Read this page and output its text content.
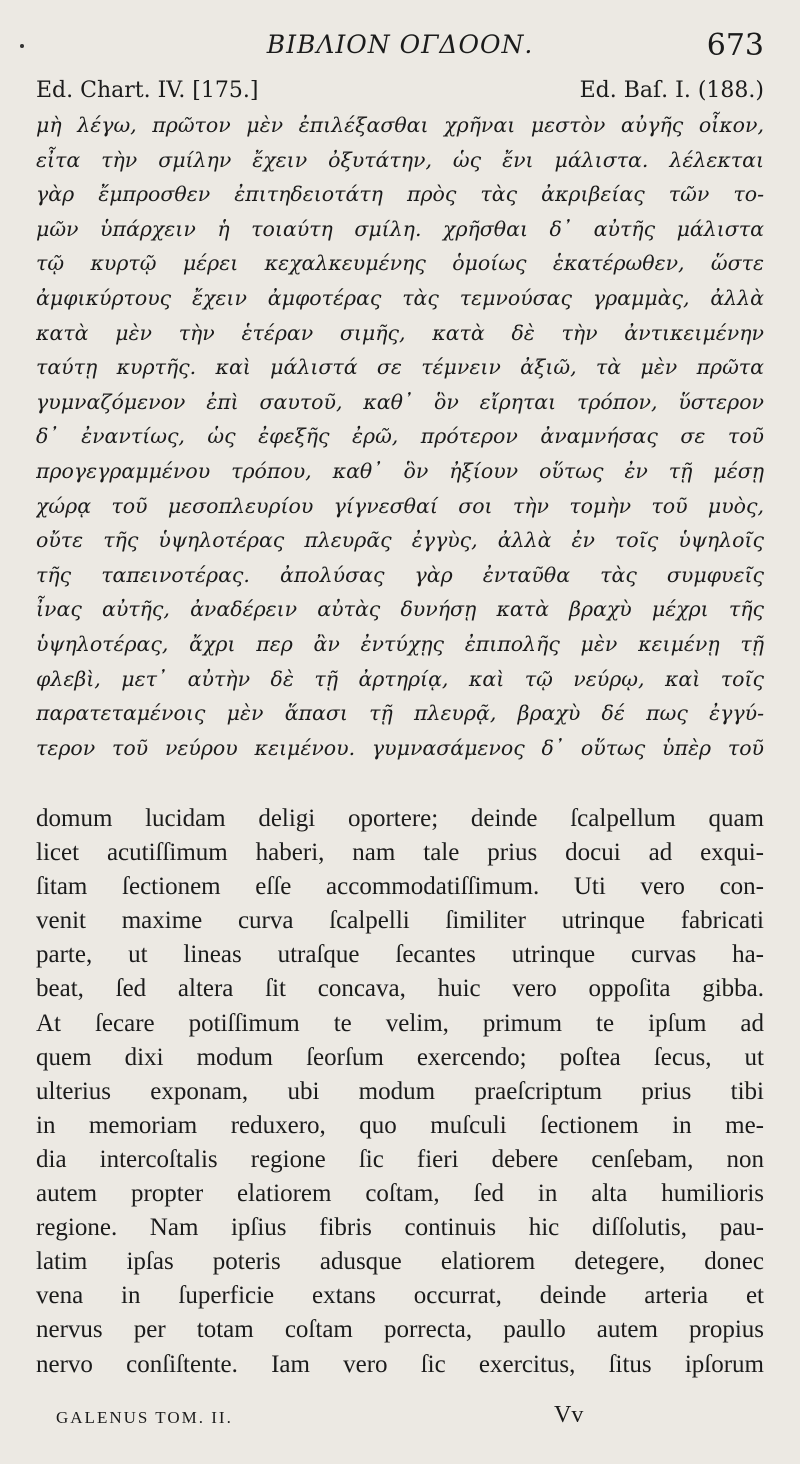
ΒΙΒΛΙΟΝ ΟΓΔΟΟΝ.	673
Ed. Chart. IV. [175.]	Ed. Baſ. I. (188.)
μὴ λέγω, πρῶτον μὲν ἐπιλέξασθαι χρῆναι μεστὸν αὐγῆς οἶκον,
εἶτα τὴν σμίλην ἔχειν ὀξυτάτην, ὡς ἔνι μάλιστα. λέλεκται
γὰρ ἔμπροσθεν ἐπιτηδειοτάτη πρὸς τὰς ἀκριβείας τῶν το-
μῶν ὑπάρχειν ἡ τοιαύτη σμίλη. χρῆσθαι δ᾽ αὐτῆς μάλιστα
τῷ κυρτῷ μέρει κεχαλκευμένης ὁμοίως ἑκατέρωθεν, ὥστε
ἀμφικύρτους ἔχειν ἀμφοτέρας τὰς τεμνούσας γραμμὰς, ἀλλὰ
κατὰ μὲν τὴν ἑτέραν σιμῆς, κατὰ δὲ τὴν ἀντικειμένην
ταύτῃ κυρτῆς. καὶ μάλιστά σε τέμνειν ἀξιῶ, τὰ μὲν πρῶτα
γυμναζόμενον ἐπὶ σαυτοῦ, καθ᾽ ὃν εἴρηται τρόπον, ὕστερον
δ᾽ ἐναντίως, ὡς ἐφεξῆς ἐρῶ, πρότερον ἀναμνήσας σε τοῦ
προγεγραμμένου τρόπου, καθ᾽ ὃν ἠξίουν οὕτως ἐν τῇ μέσῃ
χώρᾳ τοῦ μεσοπλευρίου γίγνεσθαί σοι τὴν τομὴν τοῦ μυὸς,
οὔτε τῆς ὑψηλοτέρας πλευρᾶς ἐγγὺς, ἀλλὰ ἐν τοῖς ὑψηλοῖς
τῆς ταπεινοτέρας. ἀπολύσας γὰρ ἐνταῦθα τὰς συμφυεῖς
ἶνας αὐτῆς, ἀναδέρειν αὐτὰς δυνήσῃ κατὰ βραχὺ μέχρι τῆς
ὑψηλοτέρας, ἄχρι περ ἂν ἐντύχῃς ἐπιπολῆς μὲν κειμένῃ τῇ
φλεβὶ, μετ᾽ αὐτὴν δὲ τῇ ἀρτηρίᾳ, καὶ τῷ νεύρῳ, καὶ τοῖς
παρατεταμένοις μὲν ἅπασι τῇ πλευρᾷ, βραχὺ δέ πως ἐγγύ-
τερον τοῦ νεύρου κειμένου. γυμνασάμενος δ᾽ οὕτως ὑπὲρ τοῦ
domum lucidam deligi oportere; deinde ſcalpellum quam
licet acutiſſimum haberi, nam tale prius docui ad exqui-
ſitam ſectionem eſſe accommodatiſſimum. Uti vero con-
venit maxime curva ſcalpelli ſimiliter utrinque fabricati
parte, ut lineas utraſque ſecantes utrinque curvas ha-
beat, ſed altera ſit concava, huic vero oppoſita gibba.
At ſecare potiſſimum te velim, primum te ipſum ad
quem dixi modum ſeorſum exercendo; poſtea ſecus, ut
ulterius exponam, ubi modum praeſcriptum prius tibi
in memoriam reduxero, quo muſculi ſectionem in me-
dia intercoſtalis regione ſic fieri debere cenſebam, non
autem propter elatiorem coſtam, ſed in alta humilioris
regione. Nam ipſius fibris continuis hic diſſolutis, pau-
latim ipſas poteris adusque elatiorem detegere, donec
vena in ſuperficie extans occurrat, deinde arteria et
nervus per totam coſtam porrecta, paullo autem propius
nervo conſiſtente. Iam vero ſic exercitus, ſitus ipſorum
GALENUS TOM. II.	Vv
